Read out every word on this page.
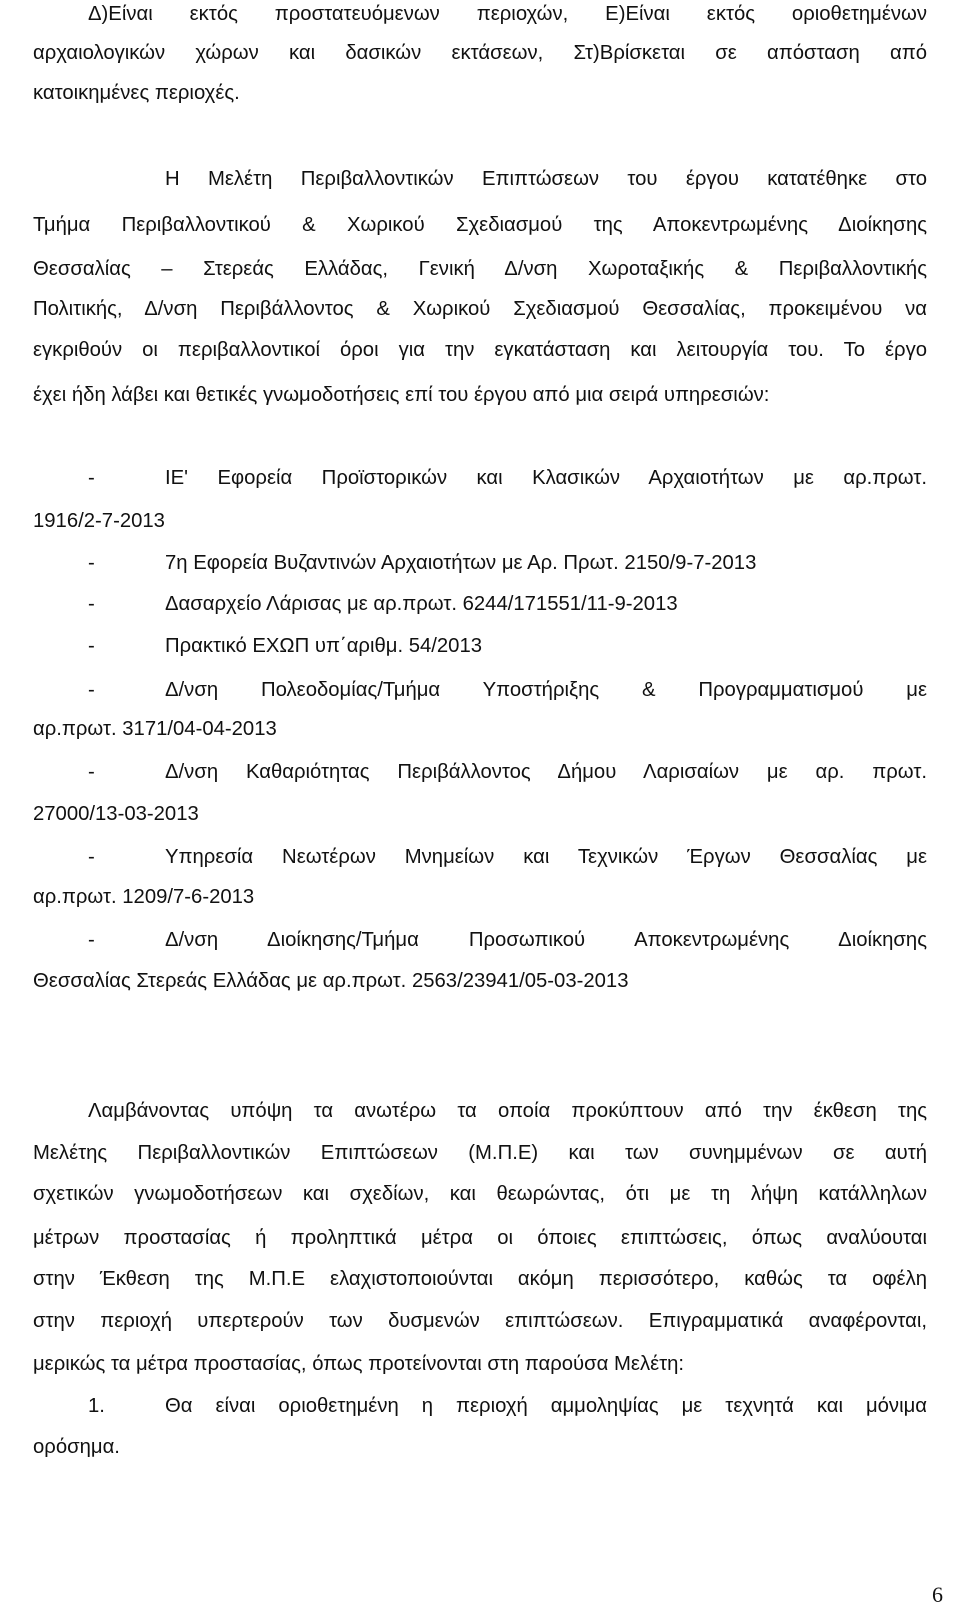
Δ)Είναι εκτός προστατευόμενων περιοχών, Ε)Είναι εκτός οριοθετημένων
αρχαιολογικών χώρων και δασικών εκτάσεων, Στ)Βρίσκεται σε απόσταση από
κατοικημένες περιοχές.
Η Μελέτη Περιβαλλοντικών Επιπτώσεων του έργου κατατέθηκε στο
Τμήμα Περιβαλλοντικού & Χωρικού Σχεδιασμού της Αποκεντρωμένης Διοίκησης
Θεσσαλίας – Στερεάς Ελλάδας, Γενική Δ/νση Χωροταξικής & Περιβαλλοντικής
Πολιτικής, Δ/νση Περιβάλλοντος & Χωρικού Σχεδιασμού Θεσσαλίας, προκειμένου να
εγκριθούν οι περιβαλλοντικοί όροι για την εγκατάσταση και λειτουργία του. Το έργο
έχει ήδη λάβει και θετικές γνωμοδοτήσεις επί του έργου από μια σειρά υπηρεσιών:
-	ΙΕ' Εφορεία Προϊστορικών και Κλασικών Αρχαιοτήτων με αρ.πρωτ.
1916/2-7-2013
-	7η Εφορεία Βυζαντινών Αρχαιοτήτων με Αρ. Πρωτ. 2150/9-7-2013
-	Δασαρχείο Λάρισας με αρ.πρωτ. 6244/171551/11-9-2013
-	Πρακτικό ΕΧΩΠ υπ΄αριθμ. 54/2013
-	Δ/νση Πολεοδομίας/Τμήμα Υποστήριξης & Προγραμματισμού με
αρ.πρωτ. 3171/04-04-2013
-	Δ/νση Καθαριότητας Περιβάλλοντος Δήμου Λαρισαίων με αρ. πρωτ.
27000/13-03-2013
-	Υπηρεσία Νεωτέρων Μνημείων και Τεχνικών Έργων Θεσσαλίας με
αρ.πρωτ. 1209/7-6-2013
-	Δ/νση Διοίκησης/Τμήμα Προσωπικού Αποκεντρωμένης Διοίκησης
Θεσσαλίας Στερεάς Ελλάδας με αρ.πρωτ. 2563/23941/05-03-2013
Λαμβάνοντας υπόψη τα ανωτέρω τα οποία προκύπτουν από την έκθεση της
Μελέτης Περιβαλλοντικών Επιπτώσεων (Μ.Π.Ε) και των συνημμένων σε αυτή
σχετικών γνωμοδοτήσεων και σχεδίων, και θεωρώντας, ότι με τη λήψη κατάλληλων
μέτρων προστασίας ή προληπτικά μέτρα οι όποιες επιπτώσεις, όπως αναλύουται
στην Έκθεση της Μ.Π.Ε ελαχιστοποιούνται ακόμη περισσότερο, καθώς τα οφέλη
στην περιοχή υπερτερούν των δυσμενών επιπτώσεων. Επιγραμματικά αναφέρονται,
μερικώς τα μέτρα προστασίας, όπως προτείνονται στη παρούσα Μελέτη:
1.	Θα είναι οριοθετημένη η περιοχή αμμοληψίας με τεχνητά και μόνιμα
ορόσημα.
6
